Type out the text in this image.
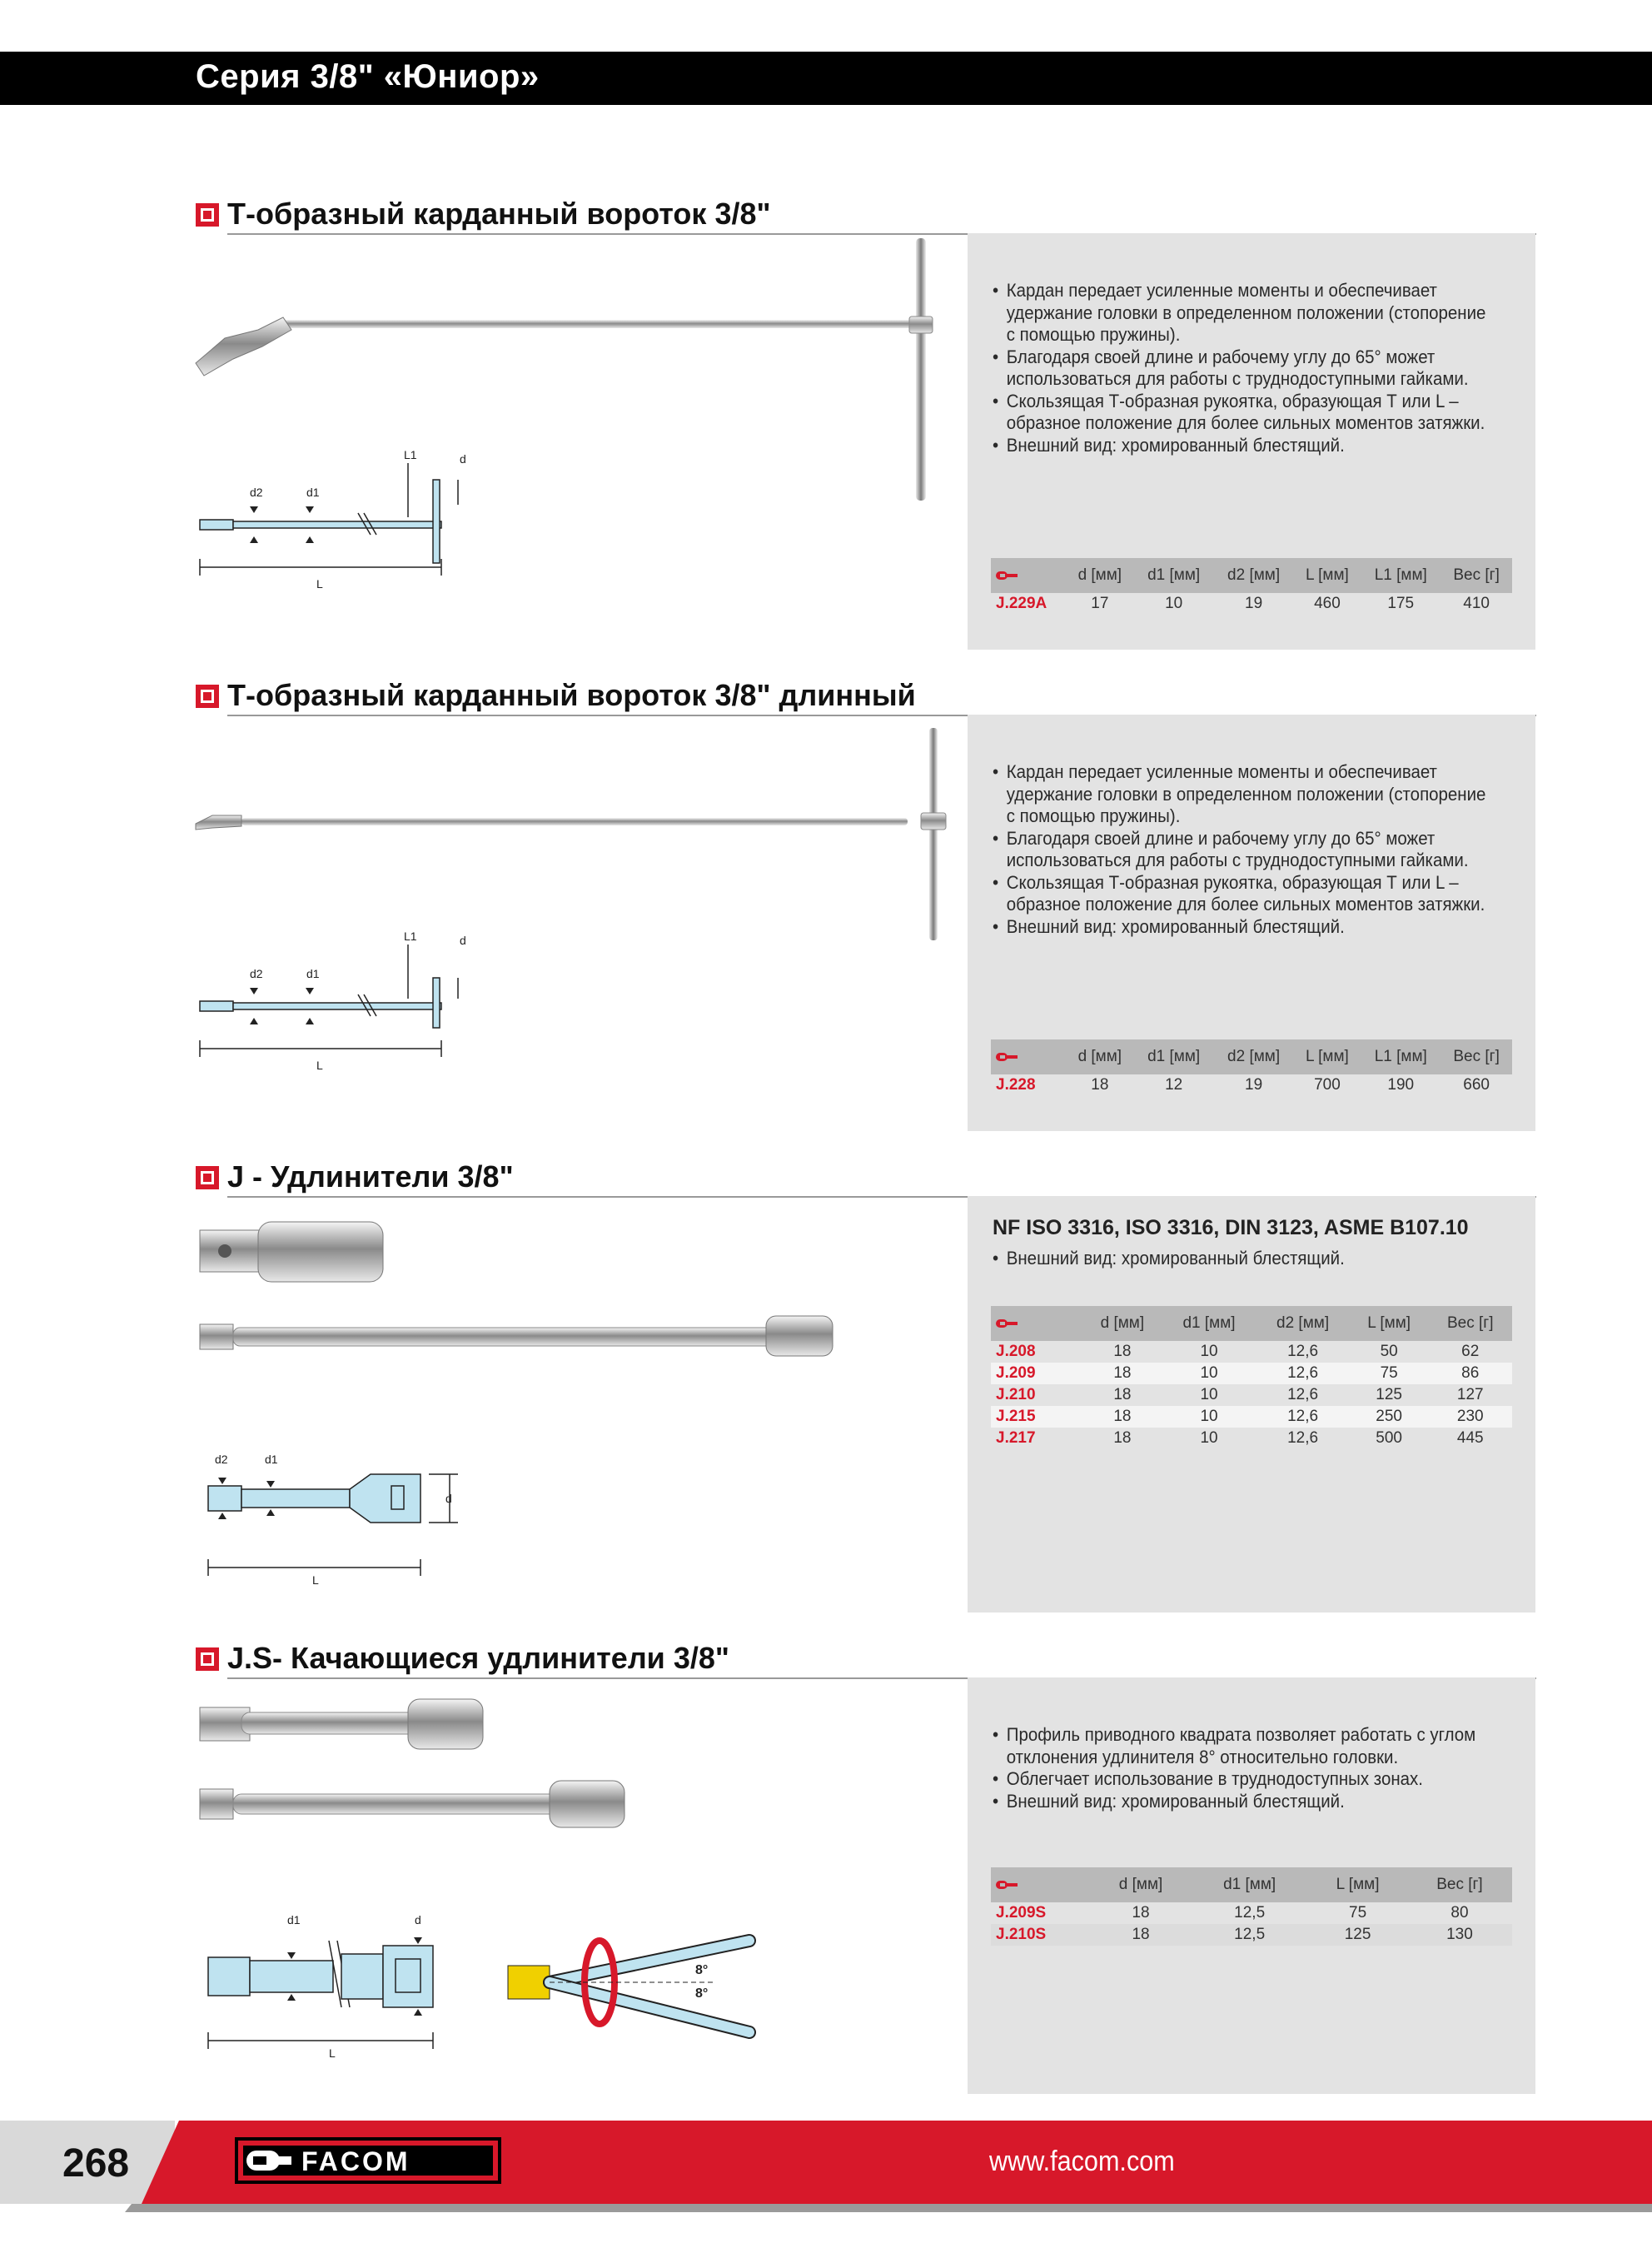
Серия 3/8" «Юниор»
Т-образный карданный вороток 3/8"
d2	d1
L1	d
L
• Кардан передает усиленные моменты и обеспечивает удержание головки в определенном положении (стопорение с помощью пружины).
• Благодаря своей длине и рабочему углу до 65° может использоваться для работы с труднодоступными гайками.
• Скользящая Т-образная рукоятка, образующая Т или L – образное положение для более сильных моментов затяжки.
• Внешний вид: хромированный блестящий.
	d [мм]	d1 [мм]	d2 [мм]	L [мм]	L1 [мм]	Вес [г]
J.229A	17	10	19	460	175	410
Т-образный карданный вороток 3/8" длинный
d2	d1
L1	d
L
• Кардан передает усиленные моменты и обеспечивает удержание головки в определенном положении (стопорение с помощью пружины).
• Благодаря своей длине и рабочему углу до 65° может использоваться для работы с труднодоступными гайками.
• Скользящая Т-образная рукоятка, образующая Т или L – образное положение для более сильных моментов затяжки.
• Внешний вид: хромированный блестящий.
	d [мм]	d1 [мм]	d2 [мм]	L [мм]	L1 [мм]	Вес [г]
J.228	18	12	19	700	190	660
J - Удлинители 3/8"
d2	d1
d
L
NF ISO 3316, ISO 3316, DIN 3123, ASME B107.10
• Внешний вид: хромированный блестящий.
	d [мм]	d1 [мм]	d2 [мм]	L [мм]	Вес [г]
J.208	18	10	12,6	50	62
J.209	18	10	12,6	75	86
J.210	18	10	12,6	125	127
J.215	18	10	12,6	250	230
J.217	18	10	12,6	500	445
J.S- Качающиеся удлинители 3/8"
d1	d
L
8°
8°
• Профиль приводного квадрата позволяет работать с углом отклонения удлинителя 8° относительно головки.
• Облегчает использование в труднодоступных зонах.
• Внешний вид: хромированный блестящий.
	d [мм]	d1 [мм]	L [мм]	Вес [г]
J.209S	18	12,5	75	80
J.210S	18	12,5	125	130
268	FACOM	www.facom.com
